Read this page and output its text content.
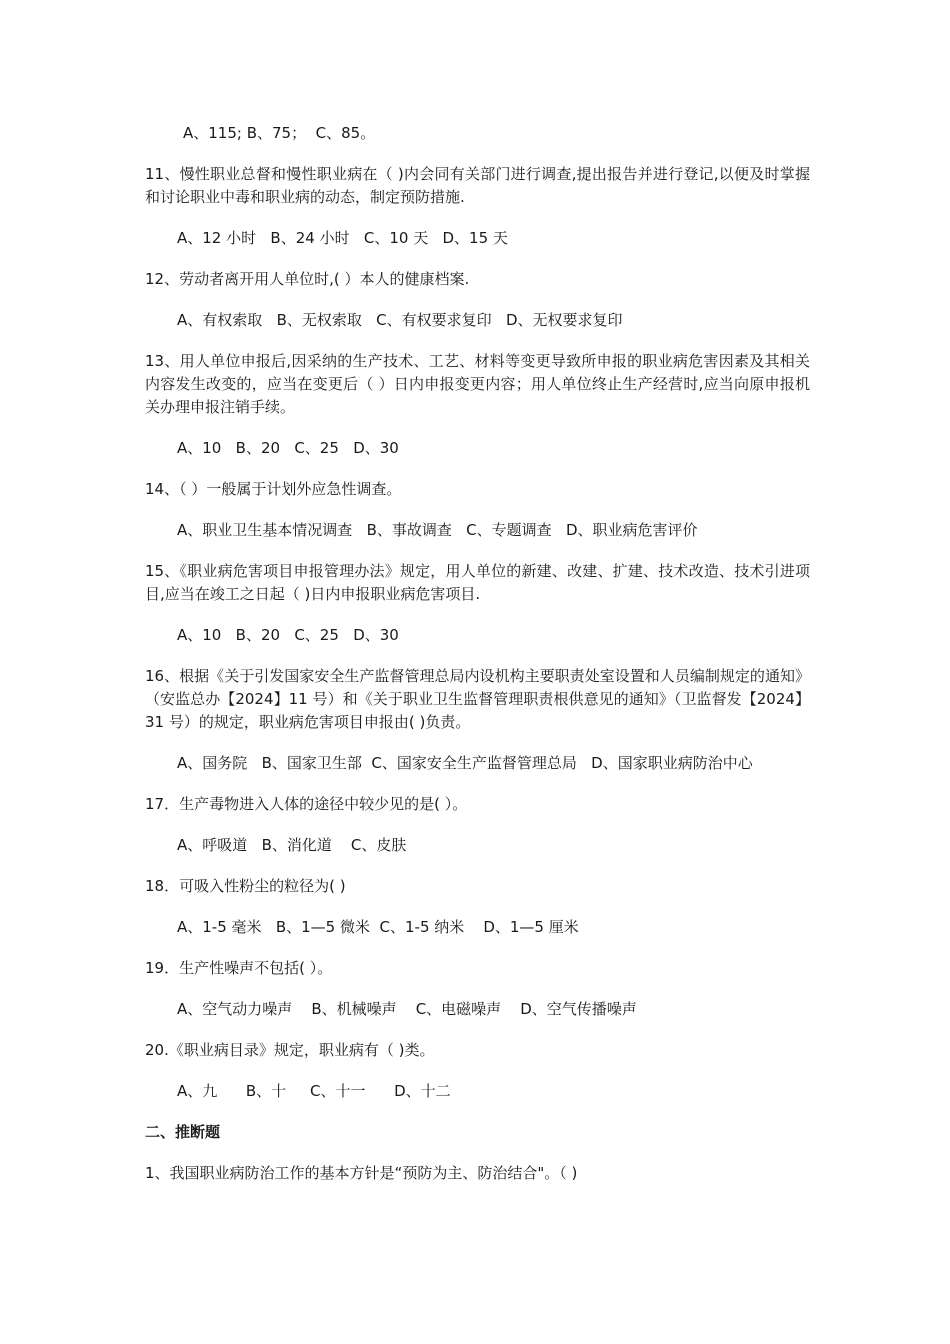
A、115; B、75；  C、85。
11、慢性职业总督和慢性职业病在（ )内会同有关部门进行调查,提出报告并进行登记,以便及时掌握和讨论职业中毒和职业病的动态，制定预防措施.
A、12 小时   B、24 小时   C、10 天   D、15 天
12、劳动者离开用人单位时,( ）本人的健康档案.
A、有权索取   B、无权索取   C、有权要求复印   D、无权要求复印
13、用人单位申报后,因采纳的生产技术、工艺、材料等变更导致所申报的职业病危害因素及其相关内容发生改变的，应当在变更后（ ）日内申报变更内容；用人单位终止生产经营时,应当向原申报机关办理申报注销手续。
A、10   B、20   C、25   D、30
14、（ ）一般属于计划外应急性调查。
A、职业卫生基本情况调查   B、事故调查   C、专题调查   D、职业病危害评价
15、《职业病危害项目申报管理办法》规定，用人单位的新建、改建、扩建、技术改造、技术引进项目,应当在竣工之日起（ )日内申报职业病危害项目.
A、10   B、20   C、25   D、30
16、根据《关于引发国家安全生产监督管理总局内设机构主要职责处室设置和人员编制规定的通知》（安监总办【2024】11 号）和《关于职业卫生监督管理职责根供意见的通知》（卫监督发【2024】31 号）的规定，职业病危害项目申报由( )负责。
A、国务院   B、国家卫生部  C、国家安全生产监督管理总局   D、国家职业病防治中心
17．生产毒物进入人体的途径中较少见的是( ）。
A、呼吸道   B、消化道    C、皮肤
18．可吸入性粉尘的粒径为( )
A、1-5 毫米   B、1—5 微米  C、1-5 纳米    D、1—5 厘米
19．生产性噪声不包括( ）。
A、空气动力噪声    B、机械噪声    C、电磁噪声    D、空气传播噪声
20.《职业病目录》规定，职业病有（ )类。
A、九      B、十     C、十一      D、十二
二、推断题
1、我国职业病防治工作的基本方针是“预防为主、防治结合"。（ )
